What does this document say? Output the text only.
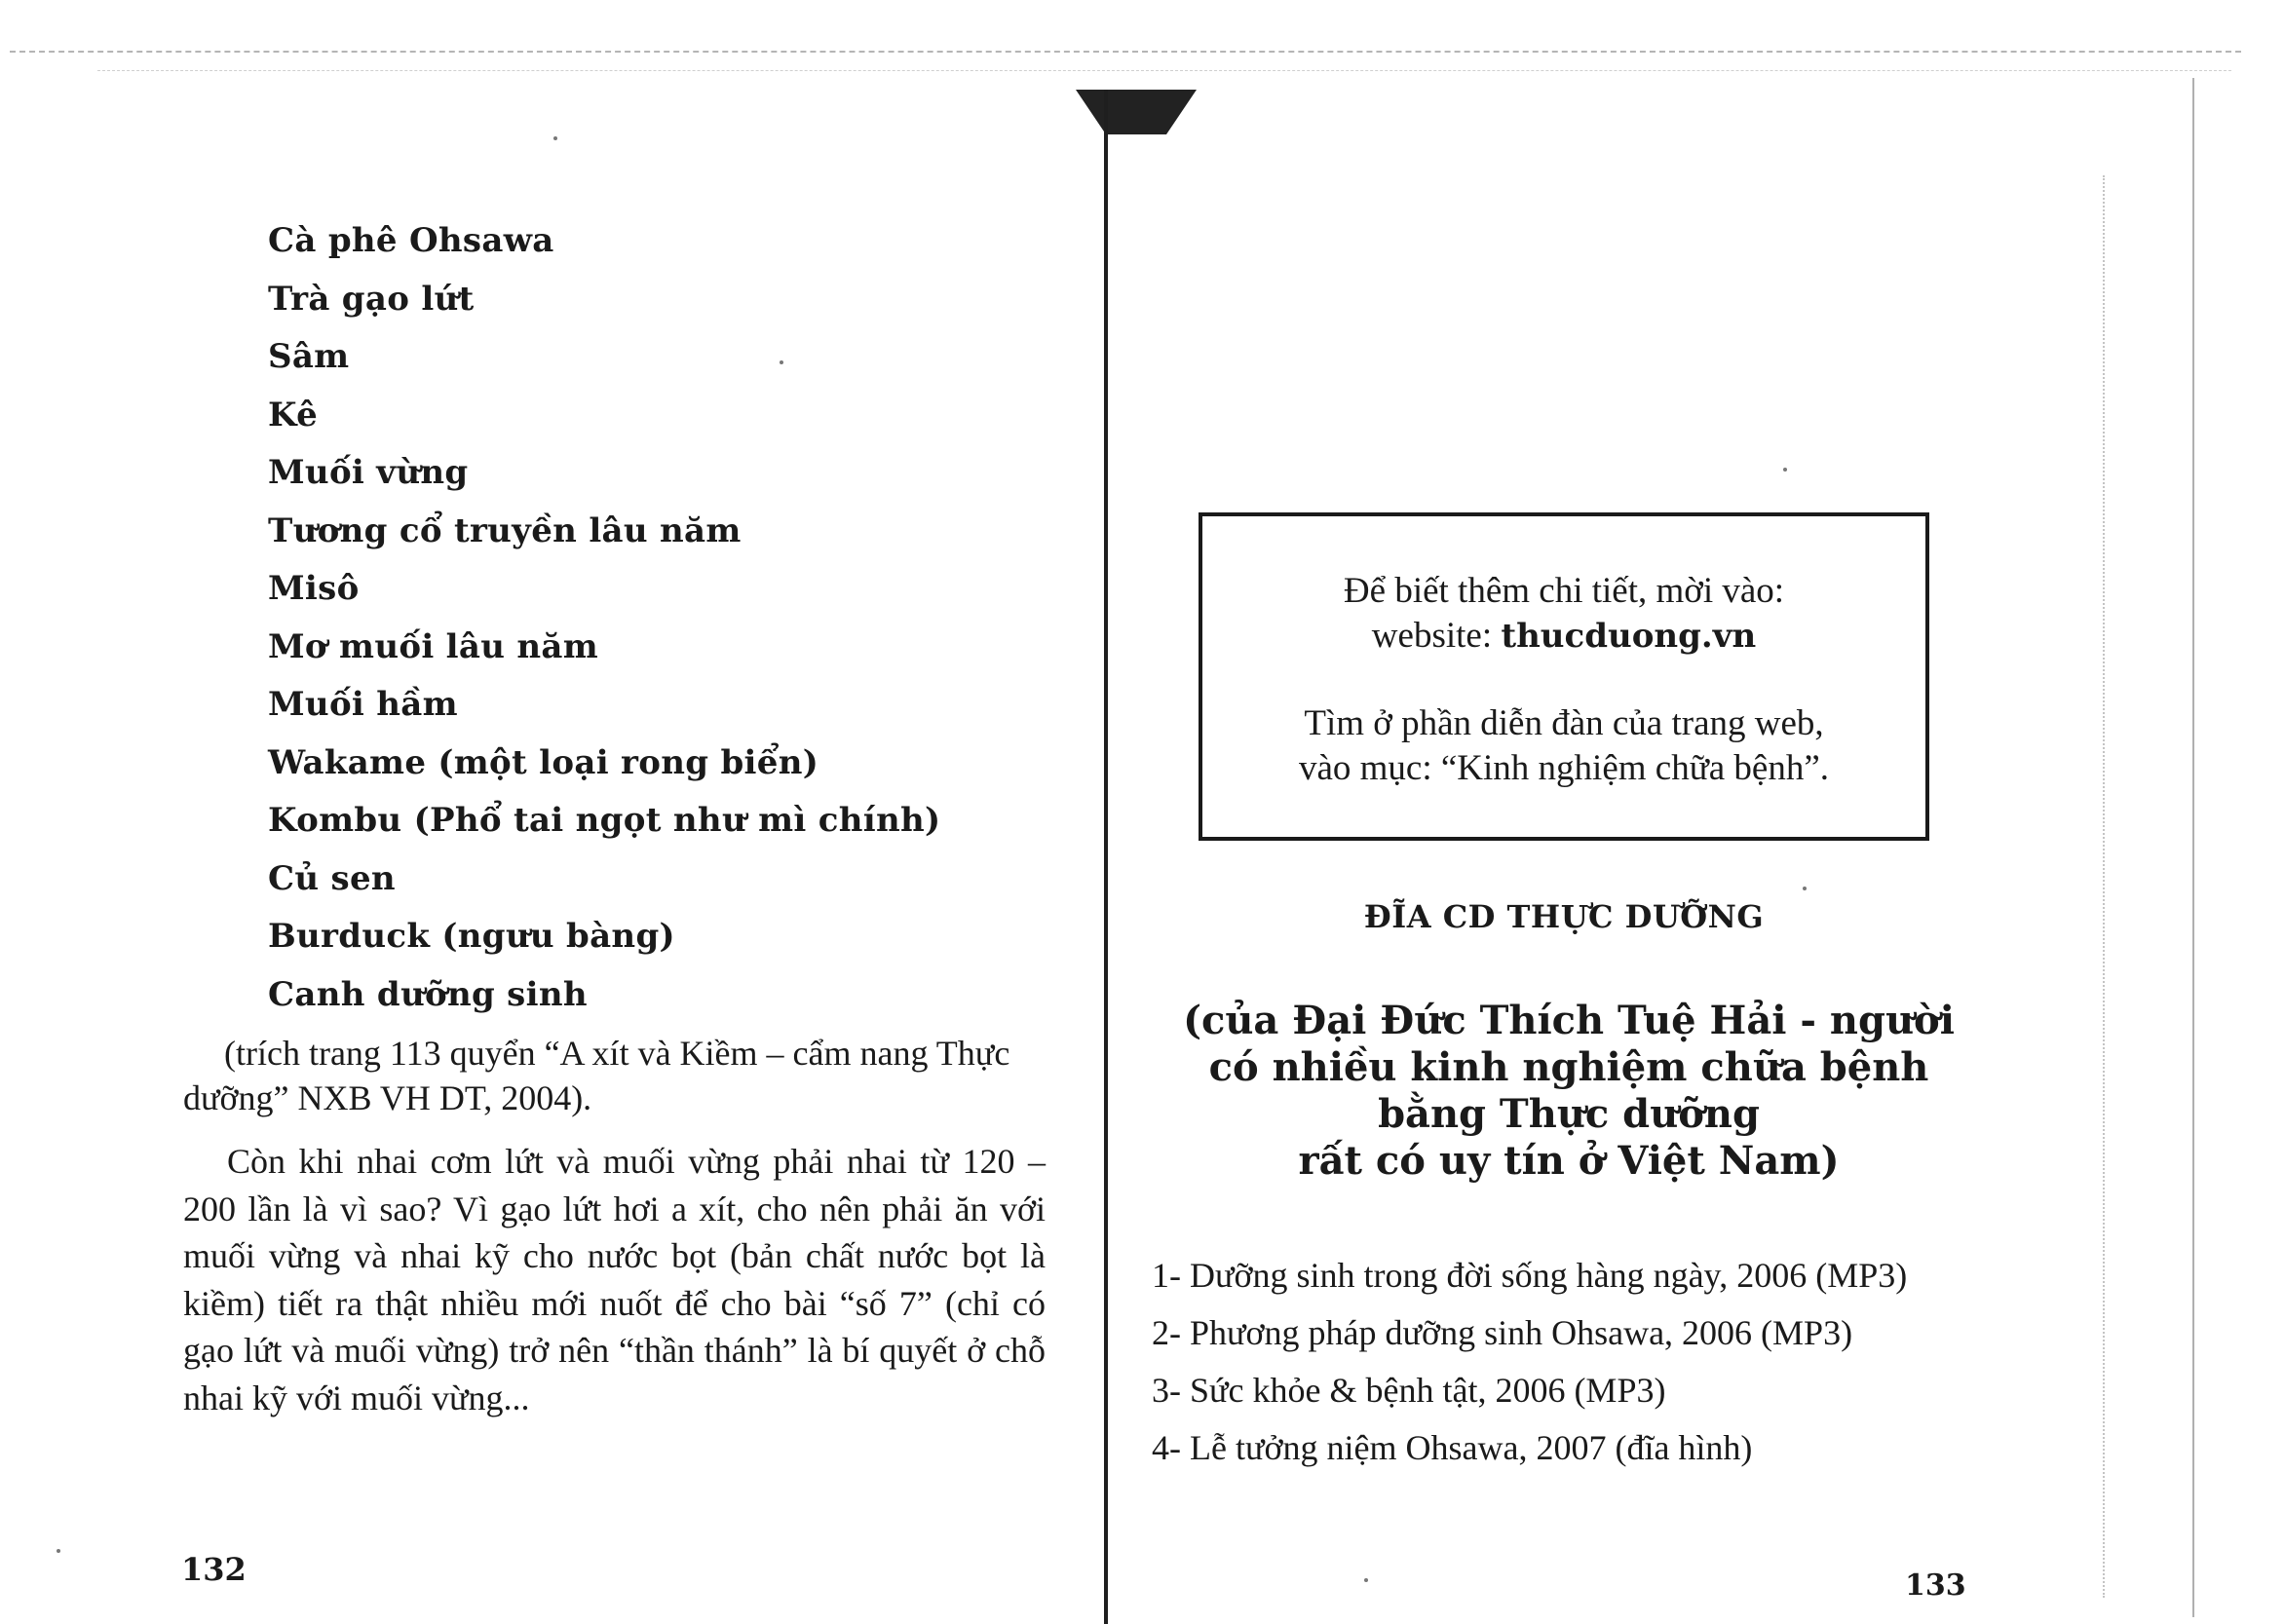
Cà phê Ohsawa
Trà gạo lứt
Sâm
Kê
Muối vừng
Tương cổ truyền lâu năm
Misô
Mơ muối lâu năm
Muối hầm
Wakame (một loại rong biển)
Kombu (Phổ tai ngọt như mì chính)
Củ sen
Burduck (ngưu bàng)
Canh dưỡng sinh

(trích trang 113 quyển “A xít và Kiềm – cẩm nang Thực dưỡng” NXB VH DT, 2004).

Còn khi nhai cơm lứt và muối vừng phải nhai từ 120 – 200 lần là vì sao? Vì gạo lứt hơi a xít, cho nên phải ăn với muối vừng và nhai kỹ cho nước bọt (bản chất nước bọt là kiềm) tiết ra thật nhiều mới nuốt để cho bài “số 7” (chỉ có gạo lứt và muối vừng) trở nên “thần thánh” là bí quyết ở chỗ nhai kỹ với muối vừng...

132
Để biết thêm chi tiết, mời vào:
website: thucduong.vn
Tìm ở phần diễn đàn của trang web,
vào mục: “Kinh nghiệm chữa bệnh”.
ĐĨA CD THỰC DƯỠNG

(của Đại Đức Thích Tuệ Hải - người
có nhiều kinh nghiệm chữa bệnh
bằng Thực dưỡng
rất có uy tín ở Việt Nam)

1- Dưỡng sinh trong đời sống hàng ngày, 2006 (MP3)
2- Phương pháp dưỡng sinh Ohsawa, 2006 (MP3)
3- Sức khỏe & bệnh tật, 2006 (MP3)
4- Lễ tưởng niệm Ohsawa, 2007 (đĩa hình)
133
